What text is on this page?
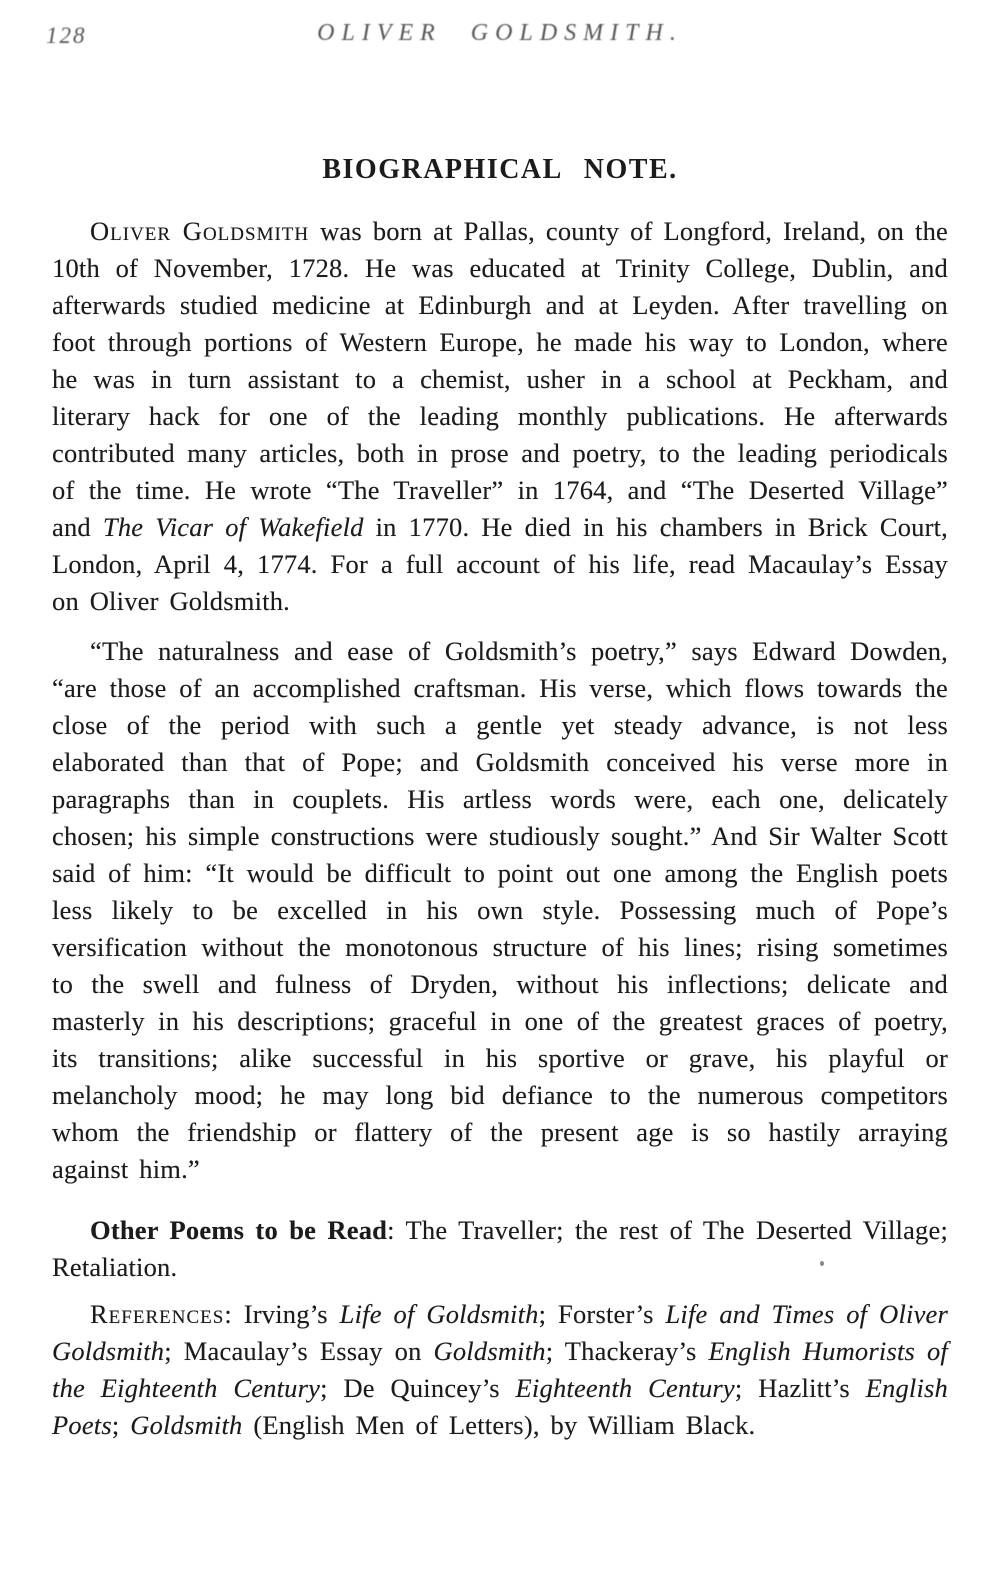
128	OLIVER GOLDSMITH.
BIOGRAPHICAL NOTE.

Oliver Goldsmith was born at Pallas, county of Longford, Ireland, on the 10th of November, 1728. He was educated at Trinity College, Dublin, and afterwards studied medicine at Edinburgh and at Leyden. After travelling on foot through portions of Western Europe, he made his way to London, where he was in turn assistant to a chemist, usher in a school at Peckham, and literary hack for one of the leading monthly publications. He afterwards contributed many articles, both in prose and poetry, to the leading periodicals of the time. He wrote “The Traveller” in 1764, and “The Deserted Village” and The Vicar of Wakefield in 1770. He died in his chambers in Brick Court, London, April 4, 1774. For a full account of his life, read Macaulay’s Essay on Oliver Goldsmith.

“The naturalness and ease of Goldsmith’s poetry,” says Edward Dowden, “are those of an accomplished craftsman. His verse, which flows towards the close of the period with such a gentle yet steady advance, is not less elaborated than that of Pope; and Goldsmith conceived his verse more in paragraphs than in couplets. His artless words were, each one, delicately chosen; his simple constructions were studiously sought.” And Sir Walter Scott said of him: “It would be difficult to point out one among the English poets less likely to be excelled in his own style. Possessing much of Pope’s versification without the monotonous structure of his lines; rising sometimes to the swell and fulness of Dryden, without his inflections; delicate and masterly in his descriptions; graceful in one of the greatest graces of poetry, its transitions; alike successful in his sportive or grave, his playful or melancholy mood; he may long bid defiance to the numerous competitors whom the friendship or flattery of the present age is so hastily arraying against him.”

Other Poems to be Read: The Traveller; the rest of The Deserted Village; Retaliation.

References: Irving’s Life of Goldsmith; Forster’s Life and Times of Oliver Goldsmith; Macaulay’s Essay on Goldsmith; Thackeray’s English Humorists of the Eighteenth Century; De Quincey’s Eighteenth Century; Hazlitt’s English Poets; Goldsmith (English Men of Letters), by William Black.
